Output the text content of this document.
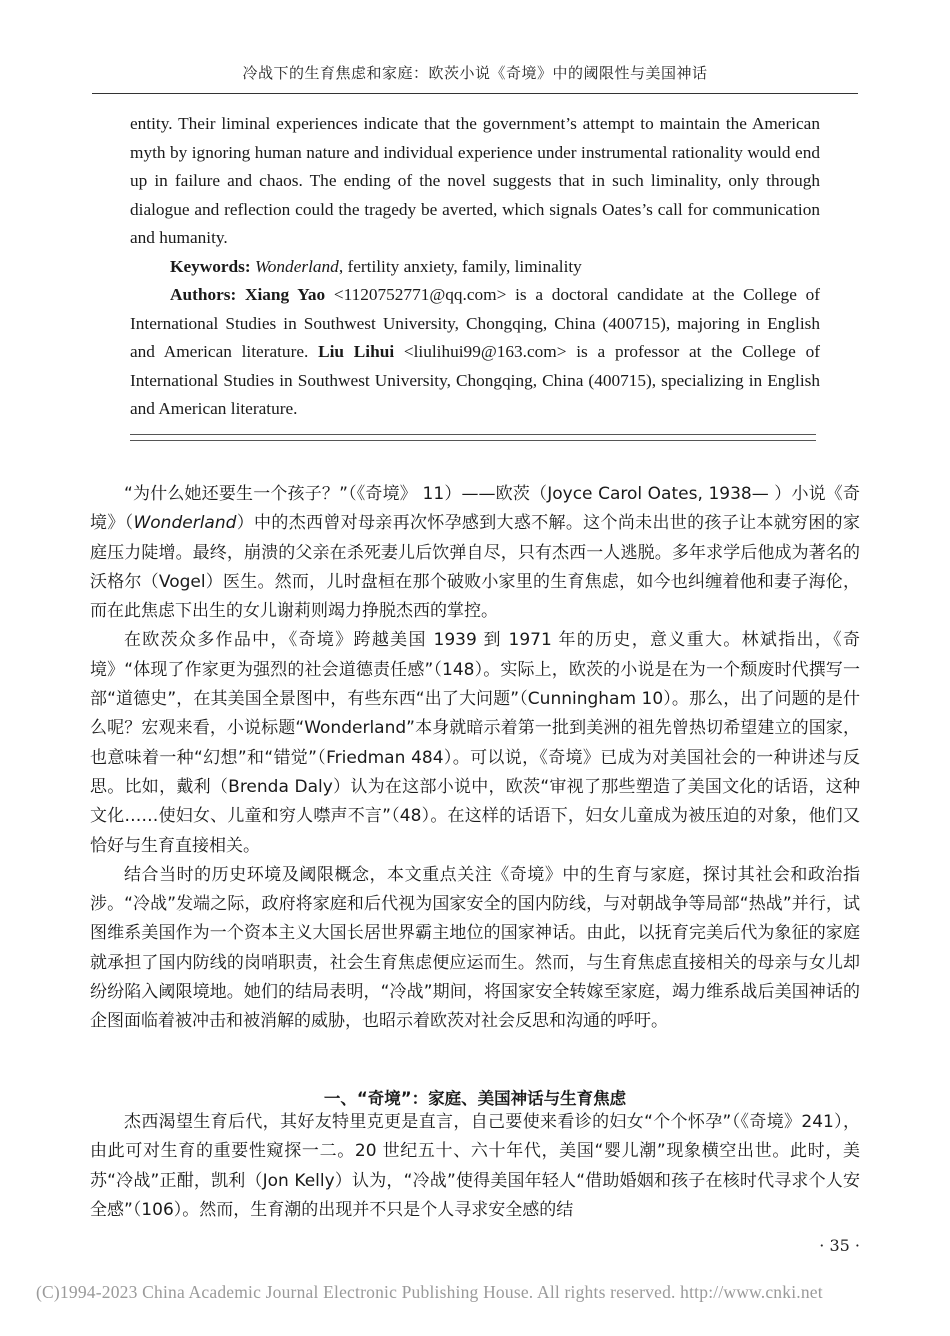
冷战下的生育焦虑和家庭：欧茨小说《奇境》中的阈限性与美国神话

entity. Their liminal experiences indicate that the government’s attempt to maintain the American myth by ignoring human nature and individual experience under instrumental rationality would end up in failure and chaos. The ending of the novel suggests that in such liminality, only through dialogue and reflection could the tragedy be averted, which signals Oates’s call for communication and humanity.

Keywords: Wonderland, fertility anxiety, family, liminality

Authors: Xiang Yao <1120752771@qq.com> is a doctoral candidate at the College of International Studies in Southwest University, Chongqing, China (400715), majoring in English and American literature. Liu Lihui <liulihui99@163.com> is a professor at the College of International Studies in Southwest University, Chongqing, China (400715), specializing in English and American literature.

“为什么她还要生一个孩子？”（《奇境》 11）——欧茨（Joyce Carol Oates, 1938— ）小说《奇境》（Wonderland）中的杰西曾对母亲再次怀孕感到大惑不解。这个尚未出世的孩子让本就穷困的家庭压力陡增。最终，崩溃的父亲在杀死妻儿后饮弹自尽，只有杰西一人逃脱。多年求学后他成为著名的沃格尔（Vogel）医生。然而，儿时盘桓在那个破败小家里的生育焦虑，如今也纠缠着他和妻子海伦，而在此焦虑下出生的女儿谢莉则竭力挣脱杰西的掌控。

在欧茨众多作品中，《奇境》跨越美国 1939 到 1971 年的历史，意义重大。林斌指出，《奇境》“体现了作家更为强烈的社会道德责任感”（148）。实际上，欧茨的小说是在为一个颓废时代撰写一部“道德史”，在其美国全景图中，有些东西“出了大问题”（Cunningham 10）。那么，出了问题的是什么呢？宏观来看，小说标题“Wonderland”本身就暗示着第一批到美洲的祖先曾热切希望建立的国家，也意味着一种“幻想”和“错觉”（Friedman 484）。可以说，《奇境》已成为对美国社会的一种讲述与反思。比如，戴利（Brenda Daly）认为在这部小说中，欧茨“审视了那些塑造了美国文化的话语，这种文化……使妇女、儿童和穷人噤声不言”（48）。在这样的话语下，妇女儿童成为被压迫的对象，他们又恰好与生育直接相关。

结合当时的历史环境及阈限概念，本文重点关注《奇境》中的生育与家庭，探讨其社会和政治指涉。“冷战”发端之际，政府将家庭和后代视为国家安全的国内防线，与对朝战争等局部“热战”并行，试图维系美国作为一个资本主义大国长居世界霸主地位的国家神话。由此，以抚育完美后代为象征的家庭就承担了国内防线的岗哨职责，社会生育焦虑便应运而生。然而，与生育焦虑直接相关的母亲与女儿却纷纷陷入阈限境地。她们的结局表明，“冷战”期间，将国家安全转嫁至家庭，竭力维系战后美国神话的企图面临着被冲击和被消解的威胁，也昭示着欧茨对社会反思和沟通的呼吁。

一、“奇境”：家庭、美国神话与生育焦虑

杰西渴望生育后代，其好友特里克更是直言，自己要使来看诊的妇女“个个怀孕”（《奇境》241），由此可对生育的重要性窥探一二。20 世纪五十、六十年代，美国“婴儿潮”现象横空出世。此时，美苏“冷战”正酣，凯利（Jon Kelly）认为，“冷战”使得美国年轻人“借助婚姻和孩子在核时代寻求个人安全感”（106）。然而，生育潮的出现并不只是个人寻求安全感的结

· 35 ·
(C)1994-2023 China Academic Journal Electronic Publishing House. All rights reserved. http://www.cnki.net
